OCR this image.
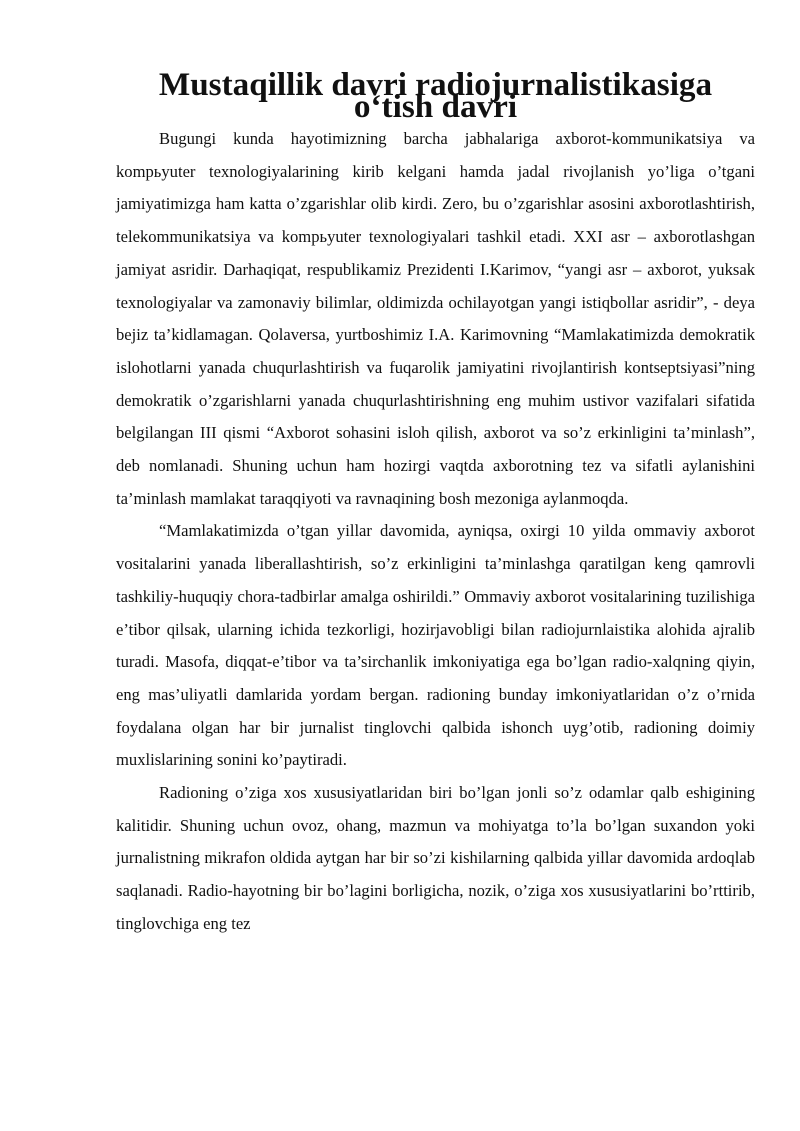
Mustaqillik davri radiojurnalistikasiga o‘tish davri

Bugungi kunda hayotimizning barcha jabhalariga axborot-kommunikatsiya va kompьyuter texnologiyalarining kirib kelgani hamda jadal rivojlanish yo’liga o’tgani jamiyatimizga ham katta o’zgarishlar olib kirdi. Zero, bu o’zgarishlar asosini axborotlashtirish, telekommunikatsiya va kompьyuter texnologiyalari tashkil etadi. XXI asr – axborotlashgan jamiyat asridir. Darhaqiqat, respublikamiz Prezidenti I.Karimov, “yangi asr – axborot, yuksak texnologiyalar va zamonaviy bilimlar, oldimizda ochilayotgan yangi istiqbollar asridir”, - deya bejiz ta’kidlamagan. Qolaversa, yurtboshimiz I.A. Karimovning “Mamlakatimizda demokratik islohotlarni yanada chuqurlashtirish va fuqarolik jamiyatini rivojlantirish kontseptsiyasi”ning demokratik o’zgarishlarni yanada chuqurlashtirishning eng muhim ustivor vazifalari sifatida belgilangan III qismi “Axborot sohasini isloh qilish, axborot va so’z erkinligini ta’minlash”, deb nomlanadi. Shuning uchun ham hozirgi vaqtda axborotning tez va sifatli aylanishini ta’minlash mamlakat taraqqiyoti va ravnaqining bosh mezoniga aylanmoqda.

“Mamlakatimizda o’tgan yillar davomida, ayniqsa, oxirgi 10 yilda ommaviy axborot vositalarini yanada liberallashtirish, so’z erkinligini ta’minlashga qaratilgan keng qamrovli tashkiliy-huquqiy chora-tadbirlar amalga oshirildi.” Ommaviy axborot vositalarining tuzilishiga e’tibor qilsak, ularning ichida tezkorligi, hozirjavobligi bilan radiojurnlaistika alohida ajralib turadi. Masofa, diqqat-e’tibor va ta’sirchanlik imkoniyatiga ega bo’lgan radio-xalqning qiyin, eng mas’uliyatli damlarida yordam bergan. radioning bunday imkoniyatlaridan o’z o’rnida foydalana olgan har bir jurnalist tinglovchi qalbida ishonch uyg’otib, radioning doimiy muxlislarining sonini ko’paytiradi.

Radioning o’ziga xos xususiyatlaridan biri bo’lgan jonli so’z odamlar qalb eshigining kalitidir. Shuning uchun ovoz, ohang, mazmun va mohiyatga to’la bo’lgan suxandon yoki jurnalistning mikrafon oldida aytgan har bir so’zi kishilarning qalbida yillar davomida ardoqlab saqlanadi. Radio-hayotning bir bo’lagini borligicha, nozik, o’ziga xos xususiyatlarini bo’rttirib, tinglovchiga eng tez
